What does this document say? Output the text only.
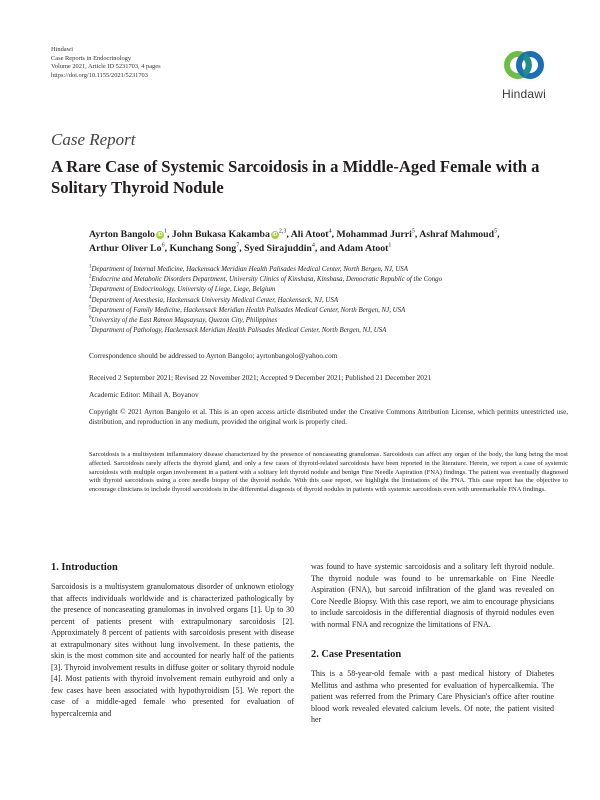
Hindawi
Case Reports in Endocrinology
Volume 2021, Article ID 5231703, 4 pages
https://doi.org/10.1155/2021/5231703
Hindawi
Case Report
A Rare Case of Systemic Sarcoidosis in a Middle-Aged Female with a Solitary Thyroid Nodule
Ayrton Bangolo $iD^1$, John Bukasa Kakamba iD$^{2,3}$, Ali Atoot$^4$, Mohammad Jurri$^5$, Ashraf Mahmoud$^5$, Arthur Oliver Lo$^6$, Kunchang Song$^7$, Syed Sirajuddin$^4$, and Adam Atoot$^1$
$^1$Department of Internal Medicine, Hackensack Meridian Health Palisades Medical Center, North Bergen, NJ, USA
$^2$Endocrine and Metabolic Disorders Department, University Clinics of Kinshasa, Kinshasa, Democratic Republic of the Congo
$^3$Department of Endocrinology, University of Liege, Liege, Belgium
$^4$Department of Anesthesia, Hackensack University Medical Center, Hackensack, NJ, USA
$^5$Department of Family Medicine, Hackensack Meridian Health Palisades Medical Center, North Bergen, NJ, USA
$^6$University of the East Ramon Magsaysay, Quezon City, Philippines
$^7$Department of Pathology, Hackensack Meridian Health Palisades Medical Center, North Bergen, NJ, USA
Correspondence should be addressed to Ayrton Bangolo; ayrtonbangolo@yahoo.com
Received 2 September 2021; Revised 22 November 2021; Accepted 9 December 2021; Published 21 December 2021
Academic Editor: Mihail A. Boyanov
Copyright © 2021 Ayrton Bangolo et al. This is an open access article distributed under the Creative Commons Attribution License, which permits unrestricted use, distribution, and reproduction in any medium, provided the original work is properly cited.
Sarcoidosis is a multisystem inflammatory disease characterized by the presence of noncaseating granulomas. Sarcoidosis can affect any organ of the body, the lung being the most affected. Sarcoidosis rarely affects the thyroid gland, and only a few cases of thyroid-related sarcoidosis have been reported in the literature. Herein, we report a case of systemic sarcoidosis with multiple organ involvement in a patient with a solitary left thyroid nodule and benign Fine Needle Aspiration (FNA) findings. The patient was eventually diagnosed with thyroid sarcoidosis using a core needle biopsy of the thyroid nodule. With this case report, we highlight the limitations of the FNA. This case report has the objective to encourage clinicians to include thyroid sarcoidosis in the differential diagnosis of thyroid nodules in patients with systemic sarcoidosis even with unremarkable FNA findings.
1. Introduction
Sarcoidosis is a multisystem granulomatous disorder of unknown etiology that affects individuals worldwide and is characterized pathologically by the presence of noncaseating granulomas in involved organs [1]. Up to 30 percent of patients present with extrapulmonary sarcoidosis [2]. Approximately 8 percent of patients with sarcoidosis present with disease at extrapulmonary sites without lung involvement. In these patients, the skin is the most common site and accounted for nearly half of the patients [3]. Thyroid involvement results in diffuse goiter or solitary thyroid nodule [4]. Most patients with thyroid involvement remain euthyroid and only a few cases have been associated with hypothyroidism [5]. We report the case of a middle-aged female who presented for evaluation of hypercalcemia and
was found to have systemic sarcoidosis and a solitary left thyroid nodule. The thyroid nodule was found to be unremarkable on Fine Needle Aspiration (FNA), but sarcoid infiltration of the gland was revealed on Core Needle Biopsy. With this case report, we aim to encourage physicians to include sarcoidosis in the differential diagnosis of thyroid nodules even with normal FNA and recognize the limitations of FNA.
2. Case Presentation
This is a 58-year-old female with a past medical history of Diabetes Mellitus and asthma who presented for evaluation of hypercalkemia. The patient was referred from the Primary Care Physician's office after routine blood work revealed elevated calcium levels. Of note, the patient visited her
